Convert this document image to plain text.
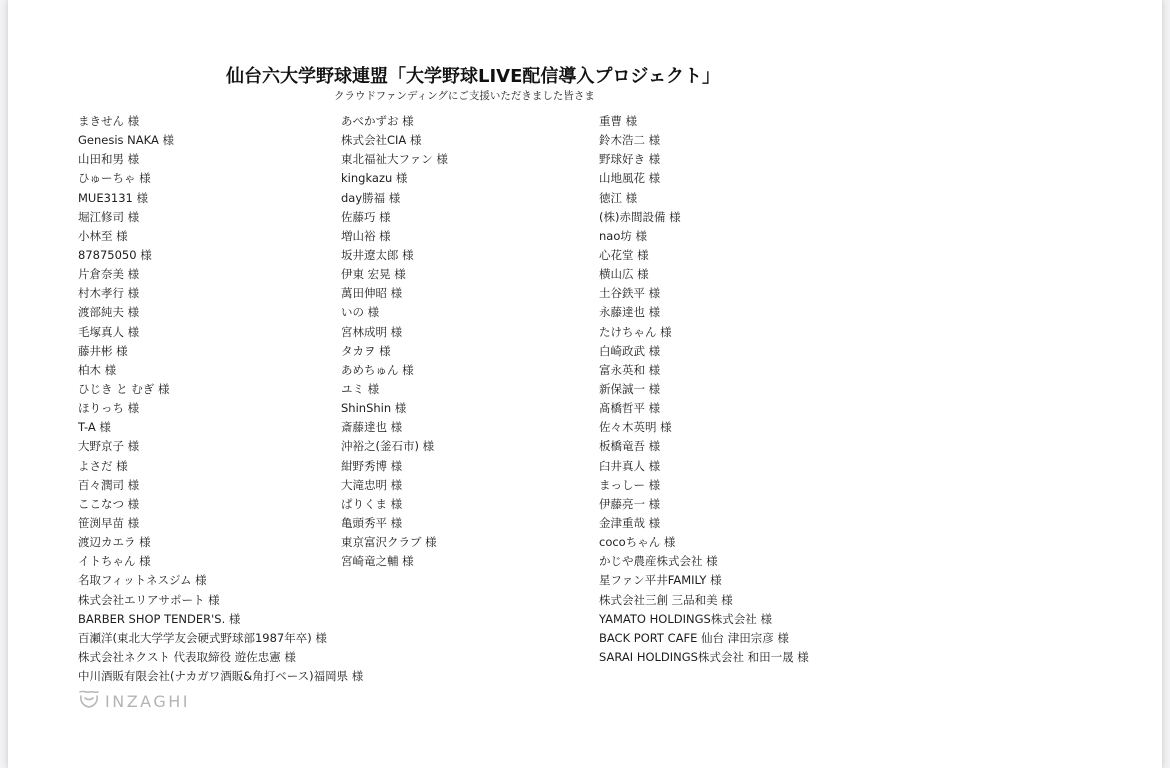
仙台六大学野球連盟「大学野球LIVE配信導入プロジェクト」
クラウドファンディングにご支援いただきました皆さま
まきせん 様
Genesis NAKA 様
山田和男 様
ひゅーちゃ 様
MUE3131 様
堀江修司 様
小林至 様
87875050 様
片倉奈美 様
村木孝行 様
渡部純夫 様
毛塚真人 様
藤井彬 様
柏木 様
ひじき と むぎ 様
ほりっち 様
T-A 様
大野京子 様
よさだ 様
百々潤司 様
ここなつ 様
笹渕早苗 様
渡辺カエラ 様
イトちゃん 様
名取フィットネスジム 様
株式会社エリアサポート 様
BARBER SHOP TENDER'S. 様
百瀬洋(東北大学学友会硬式野球部1987年卒) 様
株式会社ネクスト 代表取締役 遊佐忠憲 様
中川酒販有限会社(ナカガワ酒販&角打ベース)福岡県 様
あべかずお 様
株式会社CIA 様
東北福祉大ファン 様
kingkazu 様
day勝福 様
佐藤巧 様
増山裕 様
坂井遼太郎 様
伊東 宏晃 様
萬田伸昭 様
いの 様
宮林成明 様
タカヲ 様
あめちゅん 様
ユミ 様
ShinShin 様
斎藤達也 様
沖裕之(釜石市) 様
紺野秀博 様
大滝忠明 様
ぱりくま 様
亀頭秀平 様
東京富沢クラブ 様
宮崎竜之輔 様
重曹 様
鈴木浩二 様
野球好き 様
山地風花 様
徳江 様
(株)赤間設備 様
nao坊 様
心花堂 様
横山広 様
土谷鉄平 様
永藤達也 様
たけちゃん 様
白崎政武 様
富永英和 様
新保誠一 様
髙橋哲平 様
佐々木英明 様
板橋竜吾 様
臼井真人 様
まっしー 様
伊藤亮一 様
金津重哉 様
cocoちゃん 様
かじや農産株式会社 様
星ファン平井FAMILY 様
株式会社三創 三品和美 様
YAMATO HOLDINGS株式会社 様
BACK PORT CAFE 仙台 津田宗彦 様
SARAI HOLDINGS株式会社 和田一晟 様
INZAGHI
